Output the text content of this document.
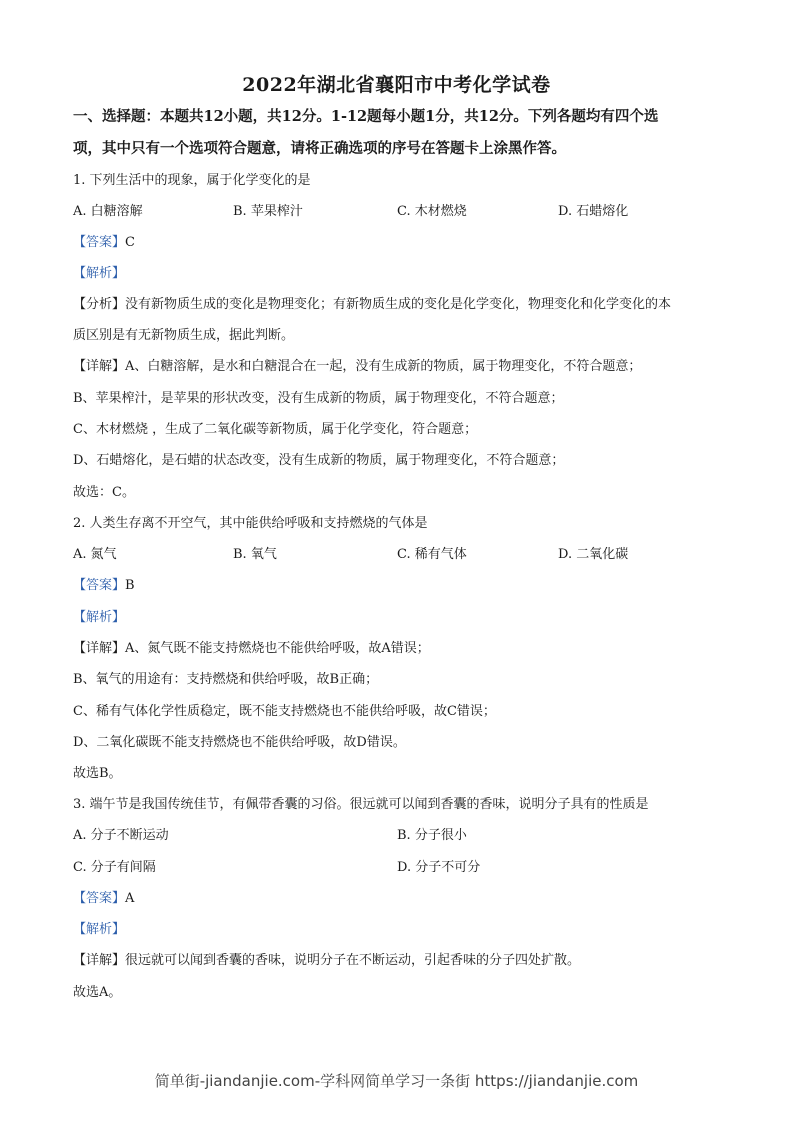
2022年湖北省襄阳市中考化学试卷
一、选择题：本题共12小题，共12分。1-12题每小题1分，共12分。下列各题均有四个选
项，其中只有一个选项符合题意，请将正确选项的序号在答题卡上涂黑作答。
1. 下列生活中的现象，属于化学变化的是
A. 白糖溶解	B. 苹果榨汁	C. 木材燃烧	D. 石蜡熔化
【答案】C
【解析】
【分析】没有新物质生成的变化是物理变化；有新物质生成的变化是化学变化，物理变化和化学变化的本
质区别是有无新物质生成，据此判断。
【详解】A、白糖溶解，是水和白糖混合在一起，没有生成新的物质，属于物理变化，不符合题意；
B、苹果榨汁，是苹果的形状改变，没有生成新的物质，属于物理变化，不符合题意；
C、木材燃烧 ，生成了二氧化碳等新物质，属于化学变化，符合题意；
D、石蜡熔化，是石蜡的状态改变，没有生成新的物质，属于物理变化，不符合题意；
故选：C。
2. 人类生存离不开空气，其中能供给呼吸和支持燃烧的气体是
A. 氮气	B. 氧气	C. 稀有气体	D. 二氧化碳
【答案】B
【解析】
【详解】A、氮气既不能支持燃烧也不能供给呼吸，故A错误；
B、氧气的用途有：支持燃烧和供给呼吸，故B正确；
C、稀有气体化学性质稳定，既不能支持燃烧也不能供给呼吸，故C错误；
D、二氧化碳既不能支持燃烧也不能供给呼吸，故D错误。
故选B。
3. 端午节是我国传统佳节，有佩带香囊的习俗。很远就可以闻到香囊的香味，说明分子具有的性质是
A. 分子不断运动	B. 分子很小
C. 分子有间隔	D. 分子不可分
【答案】A
【解析】
【详解】很远就可以闻到香囊的香味，说明分子在不断运动，引起香味的分子四处扩散。
故选A。
简单街-jiandanjie.com-学科网简单学习一条街 https://jiandanjie.com
